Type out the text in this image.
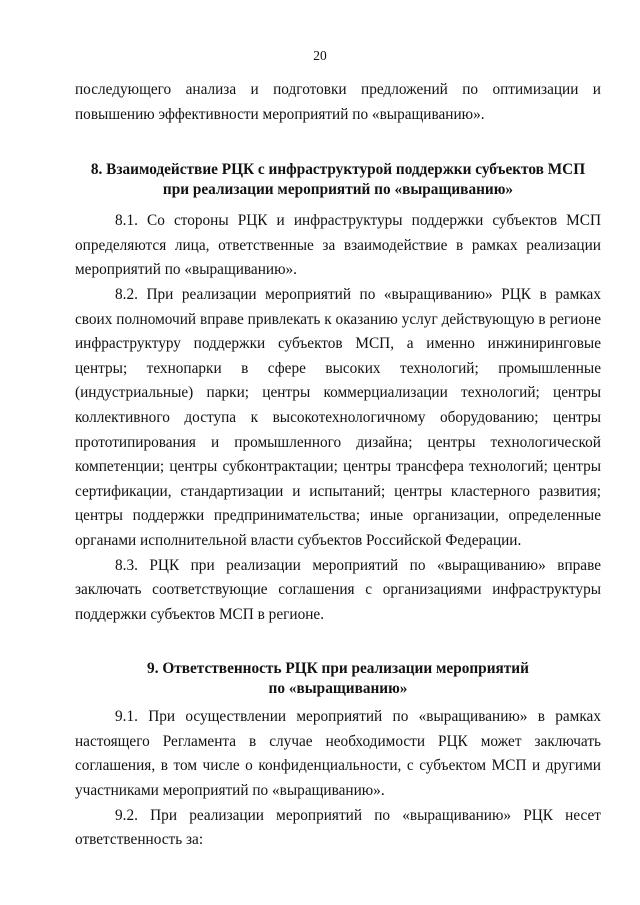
20

последующего анализа и подготовки предложений по оптимизации и повышению эффективности мероприятий по «выращиванию».

8. Взаимодействие РЦК с инфраструктурой поддержки субъектов МСП
при реализации мероприятий по «выращиванию»

8.1. Со стороны РЦК и инфраструктуры поддержки субъектов МСП определяются лица, ответственные за взаимодействие в рамках реализации мероприятий по «выращиванию».

8.2. При реализации мероприятий по «выращиванию» РЦК в рамках своих полномочий вправе привлекать к оказанию услуг действующую в регионе инфраструктуру поддержки субъектов МСП, а именно инжиниринговые центры; технопарки в сфере высоких технологий; промышленные (индустриальные) парки; центры коммерциализации технологий; центры коллективного доступа к высокотехнологичному оборудованию; центры прототипирования и промышленного дизайна; центры технологической компетенции; центры субконтрактации; центры трансфера технологий; центры сертификации, стандартизации и испытаний; центры кластерного развития; центры поддержки предпринимательства; иные организации, определенные органами исполнительной власти субъектов Российской Федерации.

8.3. РЦК при реализации мероприятий по «выращиванию» вправе заключать соответствующие соглашения с организациями инфраструктуры поддержки субъектов МСП в регионе.

9. Ответственность РЦК при реализации мероприятий
по «выращиванию»

9.1. При осуществлении мероприятий по «выращиванию» в рамках настоящего Регламента в случае необходимости РЦК может заключать соглашения, в том числе о конфиденциальности, с субъектом МСП и другими участниками мероприятий по «выращиванию».

9.2. При реализации мероприятий по «выращиванию» РЦК несет ответственность за:
